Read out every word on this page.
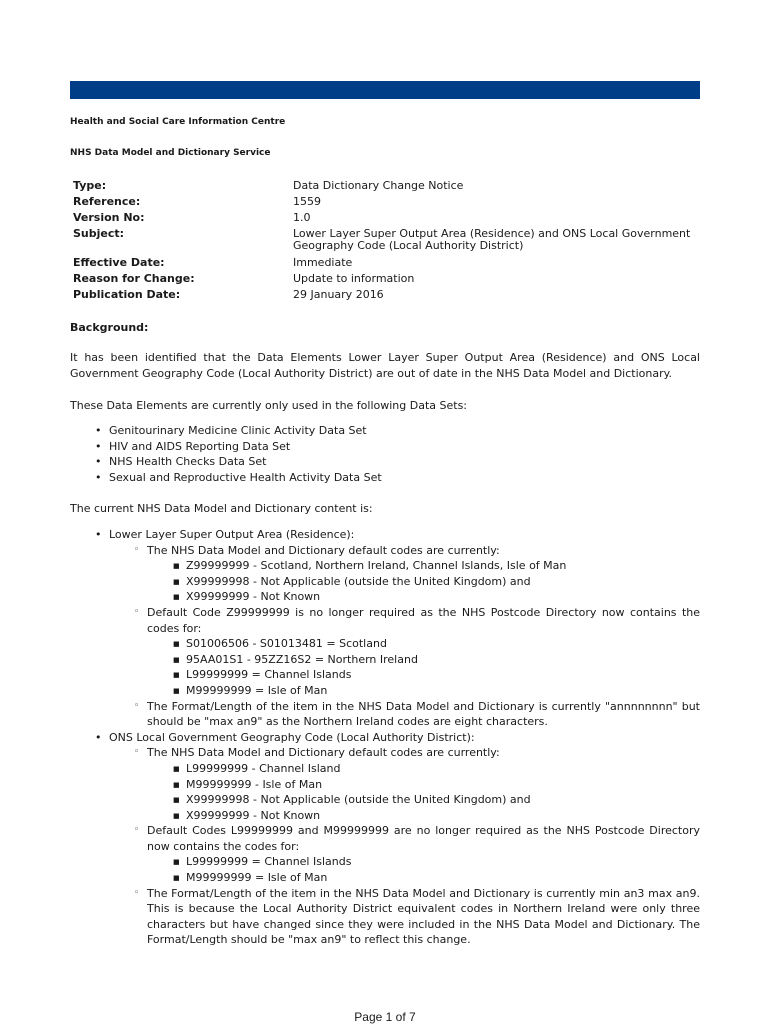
Health and Social Care Information Centre
NHS Data Model and Dictionary Service
Type:	Data Dictionary Change Notice
Reference:	1559
Version No:	1.0
Subject:	Lower Layer Super Output Area (Residence) and ONS Local Government Geography Code (Local Authority District)
Effective Date:	Immediate
Reason for Change:	Update to information
Publication Date:	29 January 2016
Background:
It has been identified that the Data Elements Lower Layer Super Output Area (Residence) and ONS Local Government Geography Code (Local Authority District) are out of date in the NHS Data Model and Dictionary.
These Data Elements are currently only used in the following Data Sets:
• Genitourinary Medicine Clinic Activity Data Set
• HIV and AIDS Reporting Data Set
• NHS Health Checks Data Set
• Sexual and Reproductive Health Activity Data Set
The current NHS Data Model and Dictionary content is:
• Lower Layer Super Output Area (Residence):
◦ The NHS Data Model and Dictionary default codes are currently:
■ Z99999999 - Scotland, Northern Ireland, Channel Islands, Isle of Man
■ X99999998 - Not Applicable (outside the United Kingdom) and
■ X99999999 - Not Known
◦ Default Code Z99999999 is no longer required as the NHS Postcode Directory now contains the codes for:
■ S01006506 - S01013481 = Scotland
■ 95AA01S1 - 95ZZ16S2 = Northern Ireland
■ L99999999 = Channel Islands
■ M99999999 = Isle of Man
◦ The Format/Length of the item in the NHS Data Model and Dictionary is currently "annnnnnnn" but should be "max an9" as the Northern Ireland codes are eight characters.
• ONS Local Government Geography Code (Local Authority District):
◦ The NHS Data Model and Dictionary default codes are currently:
■ L99999999 - Channel Island
■ M99999999 - Isle of Man
■ X99999998 - Not Applicable (outside the United Kingdom) and
■ X99999999 - Not Known
◦ Default Codes L99999999 and M99999999 are no longer required as the NHS Postcode Directory now contains the codes for:
■ L99999999 = Channel Islands
■ M99999999 = Isle of Man
◦ The Format/Length of the item in the NHS Data Model and Dictionary is currently min an3 max an9. This is because the Local Authority District equivalent codes in Northern Ireland were only three characters but have changed since they were included in the NHS Data Model and Dictionary. The Format/Length should be "max an9" to reflect this change.
Page 1 of 7
